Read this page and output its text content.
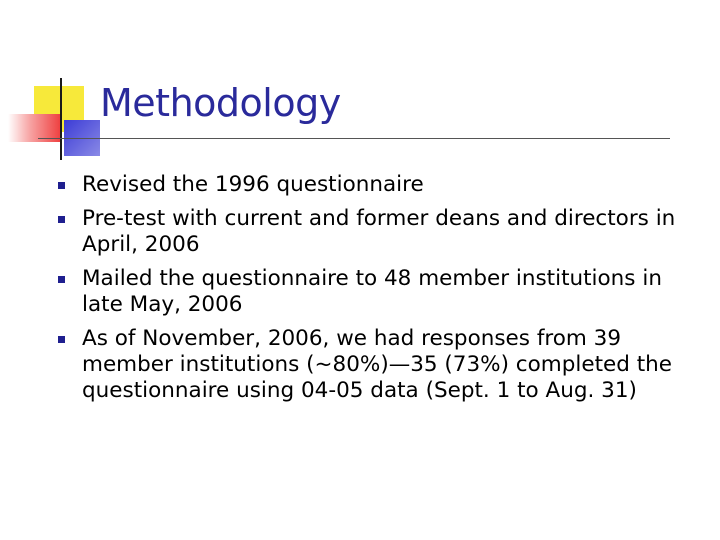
Methodology
Revised the 1996 questionnaire
Pre-test with current and former deans and directors in April, 2006
Mailed the questionnaire to 48 member institutions in late May, 2006
As of November, 2006, we had responses from 39 member institutions (~80%)—35 (73%) completed the questionnaire using 04-05 data (Sept. 1 to Aug. 31)
